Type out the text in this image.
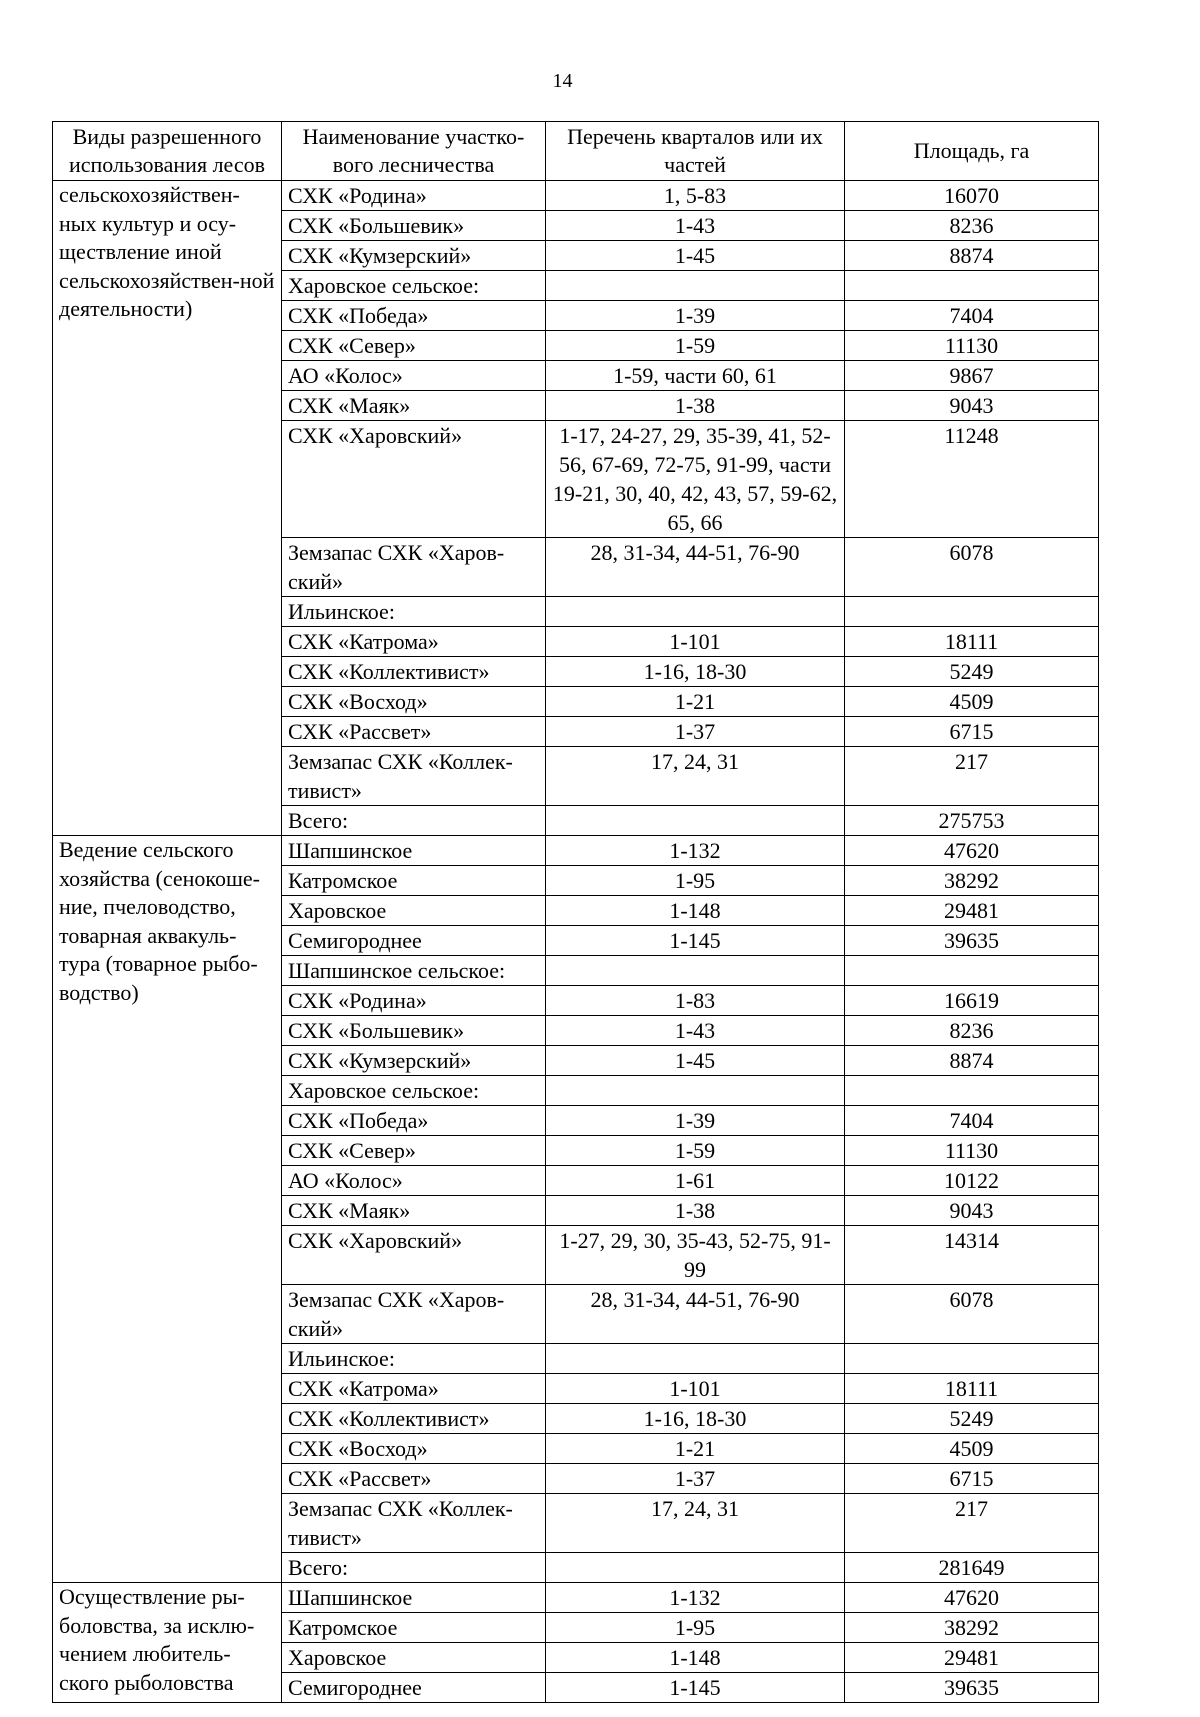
14
Виды разрешенного использования лесов	Наименование участко-вого лесничества	Перечень кварталов или их частей	Площадь, га
сельскохозяйствен-ных культур и осу-ществление иной сельскохозяйствен-ной деятельности)	СХК «Родина»	1, 5-83	16070
	СХК «Большевик»	1-43	8236
	СХК «Кумзерский»	1-45	8874
	Харовское сельское:		
	СХК «Победа»	1-39	7404
	СХК «Север»	1-59	11130
	АО «Колос»	1-59, части 60, 61	9867
	СХК «Маяк»	1-38	9043
	СХК «Харовский»	1-17, 24-27, 29, 35-39, 41, 52-56, 67-69, 72-75, 91-99, части 19-21, 30, 40, 42, 43, 57, 59-62, 65, 66	11248
	Земзапас СХК «Харов-ский»	28, 31-34, 44-51, 76-90	6078
	Ильинское:		
	СХК «Катрома»	1-101	18111
	СХК «Коллективист»	1-16, 18-30	5249
	СХК «Восход»	1-21	4509
	СХК «Рассвет»	1-37	6715
	Земзапас СХК «Коллек-тивист»	17, 24, 31	217
	Всего:		275753
Ведение сельского хозяйства (сенокоше-ние, пчеловодство, товарная аквакуль-тура (товарное рыбо-водство)	Шапшинское	1-132	47620
	Катромское	1-95	38292
	Харовское	1-148	29481
	Семигороднее	1-145	39635
	Шапшинское сельское:		
	СХК «Родина»	1-83	16619
	СХК «Большевик»	1-43	8236
	СХК «Кумзерский»	1-45	8874
	Харовское сельское:		
	СХК «Победа»	1-39	7404
	СХК «Север»	1-59	11130
	АО «Колос»	1-61	10122
	СХК «Маяк»	1-38	9043
	СХК «Харовский»	1-27, 29, 30, 35-43, 52-75, 91-99	14314
	Земзапас СХК «Харов-ский»	28, 31-34, 44-51, 76-90	6078
	Ильинское:		
	СХК «Катрома»	1-101	18111
	СХК «Коллективист»	1-16, 18-30	5249
	СХК «Восход»	1-21	4509
	СХК «Рассвет»	1-37	6715
	Земзапас СХК «Коллек-тивист»	17, 24, 31	217
	Всего:		281649
Осуществление ры-боловства, за исклю-чением любитель-ского рыболовства	Шапшинское	1-132	47620
	Катромское	1-95	38292
	Харовское	1-148	29481
	Семигороднее	1-145	39635
